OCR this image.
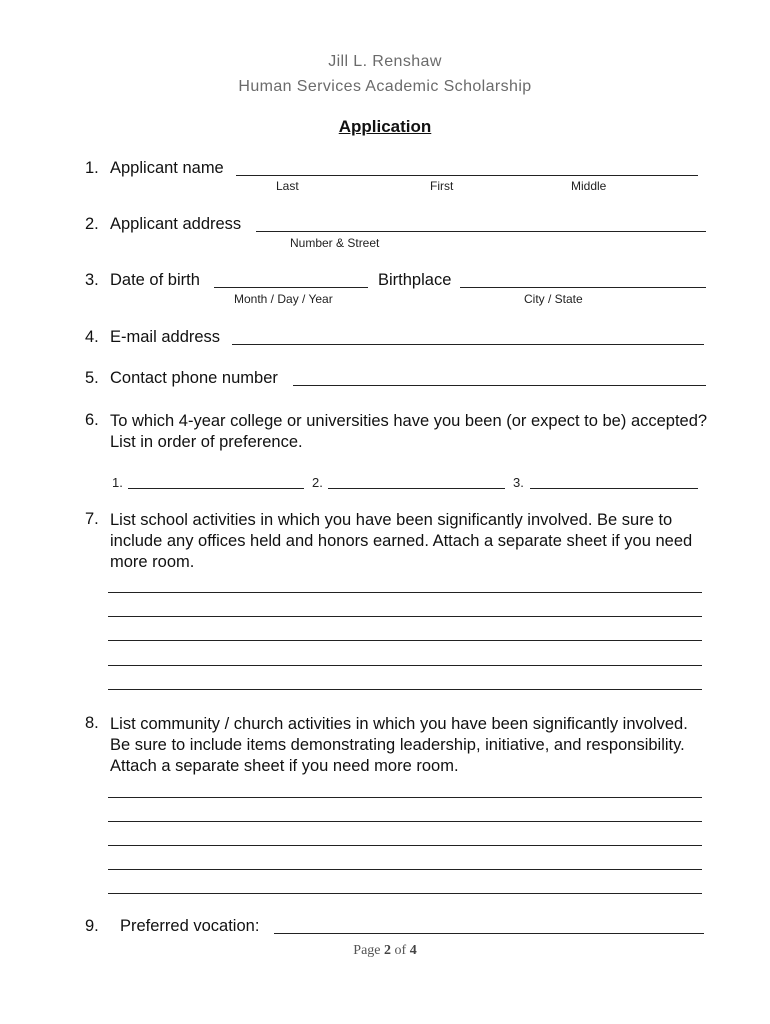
Jill L. Renshaw
Human Services Academic Scholarship
Application
1. Applicant name
Last	First	Middle
2. Applicant address
Number & Street
3. Date of birth	Birthplace
Month / Day / Year	City / State
4. E-mail address
5. Contact phone number
6. To which 4-year college or universities have you been (or expect to be) accepted? List in order of preference.
1.	2.	3.
7. List school activities in which you have been significantly involved. Be sure to include any offices held and honors earned. Attach a separate sheet if you need more room.
8. List community / church activities in which you have been significantly involved. Be sure to include items demonstrating leadership, initiative, and responsibility. Attach a separate sheet if you need more room.
9. Preferred vocation:
Page 2 of 4
